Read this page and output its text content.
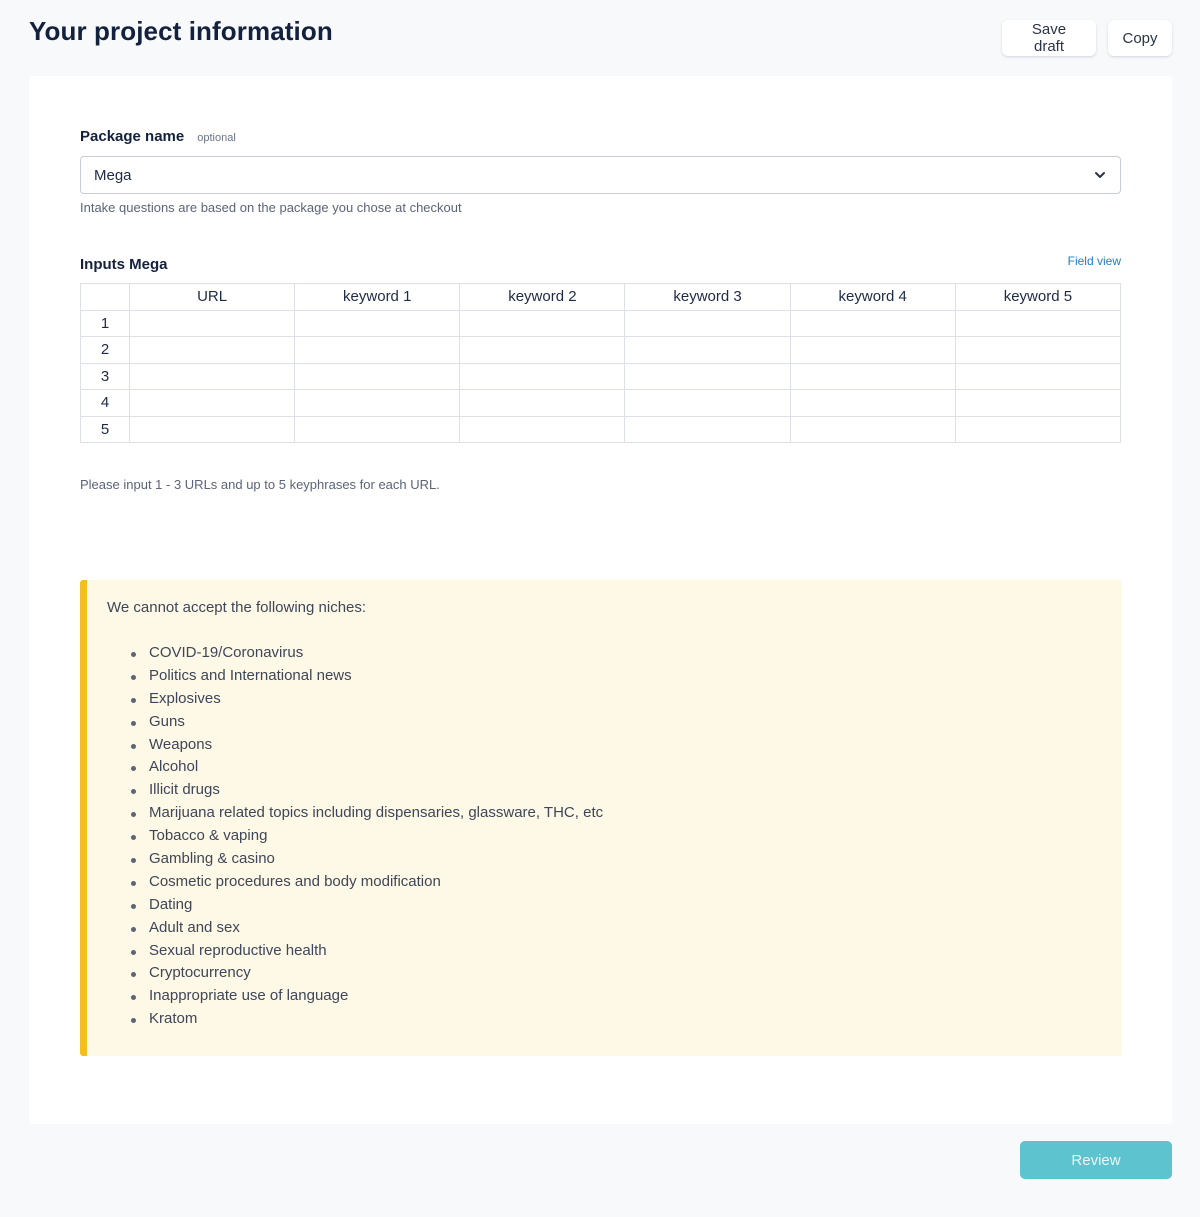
Your project information	Save draft	Copy
Package name optional
Mega
Intake questions are based on the package you chose at checkout
Inputs Mega	Field view
	URL	keyword 1	keyword 2	keyword 3	keyword 4	keyword 5
1						
2						
3						
4						
5						
Please input 1 - 3 URLs and up to 5 keyphrases for each URL.
We cannot accept the following niches:
COVID-19/Coronavirus
Politics and International news
Explosives
Guns
Weapons
Alcohol
Illicit drugs
Marijuana related topics including dispensaries, glassware, THC, etc
Tobacco & vaping
Gambling & casino
Cosmetic procedures and body modification
Dating
Adult and sex
Sexual reproductive health
Cryptocurrency
Inappropriate use of language
Kratom
Review
